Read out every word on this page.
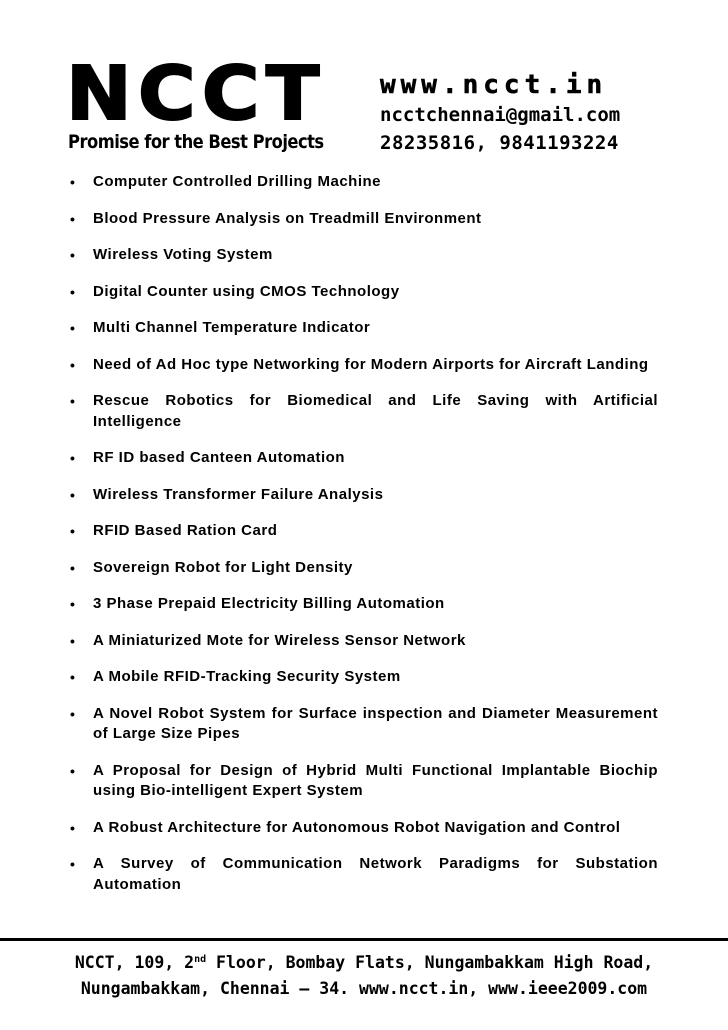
NCCT
Promise for the Best Projects
www.ncct.in
ncctchennai@gmail.com
28235816, 9841193224
• Computer Controlled Drilling Machine
• Blood Pressure Analysis on Treadmill Environment
• Wireless Voting System
• Digital Counter using CMOS Technology
• Multi Channel Temperature Indicator
• Need of Ad Hoc type Networking for Modern Airports for Aircraft Landing
• Rescue Robotics for Biomedical and Life Saving with Artificial Intelligence
• RF ID based Canteen Automation
• Wireless Transformer Failure Analysis
• RFID Based Ration Card
• Sovereign Robot for Light Density
• 3 Phase Prepaid Electricity Billing Automation
• A Miniaturized Mote for Wireless Sensor Network
• A Mobile RFID-Tracking Security System
• A Novel Robot System for Surface inspection and Diameter Measurement of Large Size Pipes
• A Proposal for Design of Hybrid Multi Functional Implantable Biochip using Bio-intelligent Expert System
• A Robust Architecture for Autonomous Robot Navigation and Control
• A Survey of Communication Network Paradigms for Substation Automation
NCCT, 109, 2nd Floor, Bombay Flats, Nungambakkam High Road,
Nungambakkam, Chennai – 34. www.ncct.in, www.ieee2009.com
